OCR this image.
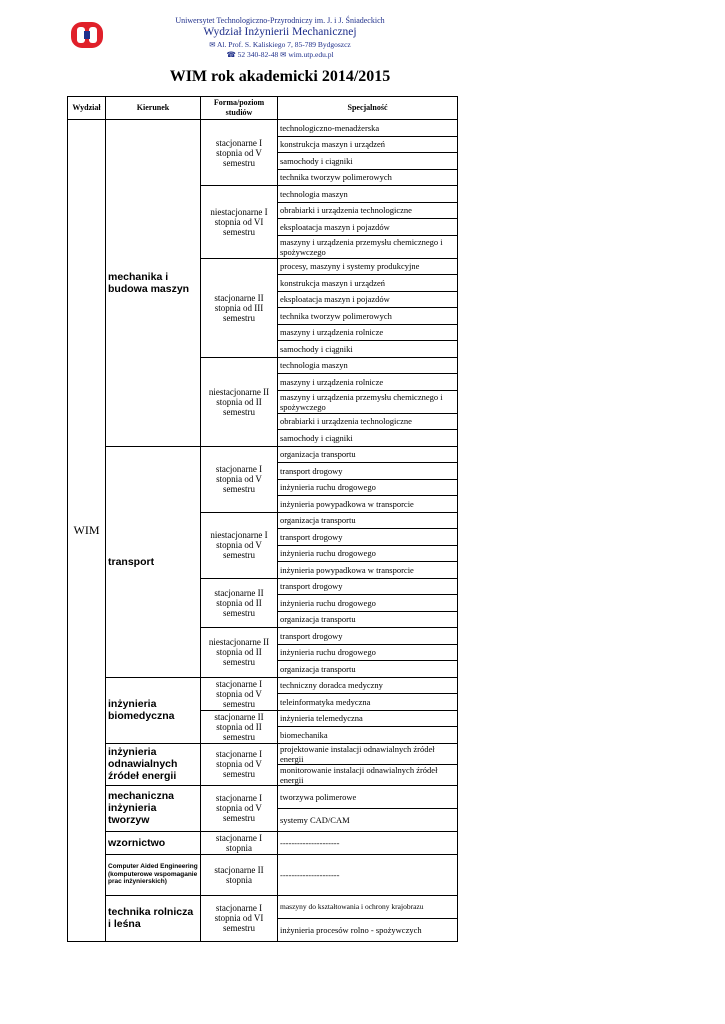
Uniwersytet Technologiczno-Przyrodniczy im. J. i J. Śniadeckich
Wydział Inżynierii Mechanicznej
✉ Al. Prof. S. Kaliskiego 7, 85-789 Bydgoszcz
☎ 52 340-82-48 ✉ wim.utp.edu.pl
WIM rok akademicki 2014/2015
Wydział	Kierunek	Forma/poziom studiów	Specjalność
WIM	mechanika i budowa maszyn	stacjonarne I stopnia od V semestru	technologiczno-menadżerska
			konstrukcja maszyn i urządzeń
			samochody i ciągniki
			technika tworzyw polimerowych
		niestacjonarne I stopnia od VI semestru	technologia maszyn
			obrabiarki i urządzenia technologiczne
			eksploatacja maszyn i pojazdów
			maszyny i urządzenia przemysłu chemicznego i spożywczego
		stacjonarne II stopnia od III semestru	procesy, maszyny i systemy produkcyjne
			konstrukcja maszyn i urządzeń
			eksploatacja maszyn i pojazdów
			technika tworzyw polimerowych
			maszyny i urządzenia rolnicze
			samochody i ciągniki
		niestacjonarne II stopnia od II semestru	technologia maszyn
			maszyny i urządzenia rolnicze
			maszyny i urządzenia przemysłu chemicznego i spożywczego
			obrabiarki i urządzenia technologiczne
			samochody i ciągniki
	transport	stacjonarne I stopnia od V semestru	organizacja transportu
			transport drogowy
			inżynieria ruchu drogowego
			inżynieria powypadkowa w transporcie
		niestacjonarne I stopnia od V semestru	organizacja transportu
			transport drogowy
			inżynieria ruchu drogowego
			inżynieria powypadkowa w transporcie
		stacjonarne II stopnia od II semestru	transport drogowy
			inżynieria ruchu drogowego
			organizacja transportu
		niestacjonarne II stopnia od II semestru	transport drogowy
			inżynieria ruchu drogowego
			organizacja transportu
	inżynieria biomedyczna	stacjonarne I stopnia od V semestru	techniczny doradca medyczny
			teleinformatyka medyczna
		stacjonarne II stopnia od II semestru	inżynieria telemedyczna
			biomechanika
	inżynieria odnawialnych źródeł energii	stacjonarne I stopnia od V semestru	projektowanie instalacji odnawialnych źródeł energii
			monitorowanie instalacji odnawialnych źródeł energii
	mechaniczna inżynieria tworzyw	stacjonarne I stopnia od V semestru	tworzywa polimerowe
			systemy CAD/CAM
	wzornictwo	stacjonarne I stopnia	---------------------
	Computer Aided Engineering (komputerowe wspomaganie prac inżynierskich)	stacjonarne II stopnia	---------------------
	technika rolnicza i leśna	stacjonarne I stopnia od VI semestru	maszyny do kształtowania i ochrony krajobrazu
			inżynieria procesów rolno - spożywczych
